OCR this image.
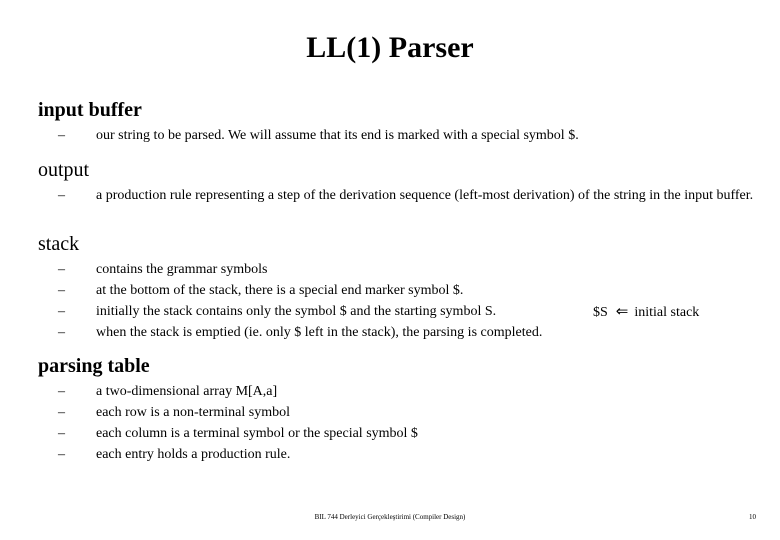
LL(1) Parser

input buffer

– our string to be parsed. We will assume that its end is marked with a special symbol $.

output

– a production rule representing a step of the derivation sequence (left-most derivation) of the string in the input buffer.

stack

– contains the grammar symbols
– at the bottom of the stack, there is a special end marker symbol $.
– initially the stack contains only the symbol $ and the starting symbol S.	$S ⇐ initial stack
– when the stack is emptied (ie. only $ left in the stack), the parsing is completed.

parsing table

– a two-dimensional array M[A,a]
– each row is a non-terminal symbol
– each column is a terminal symbol or the special symbol $
– each entry holds a production rule.
BIL 744 Derleyici Gerçekleştirimi (Compiler Design)	10
